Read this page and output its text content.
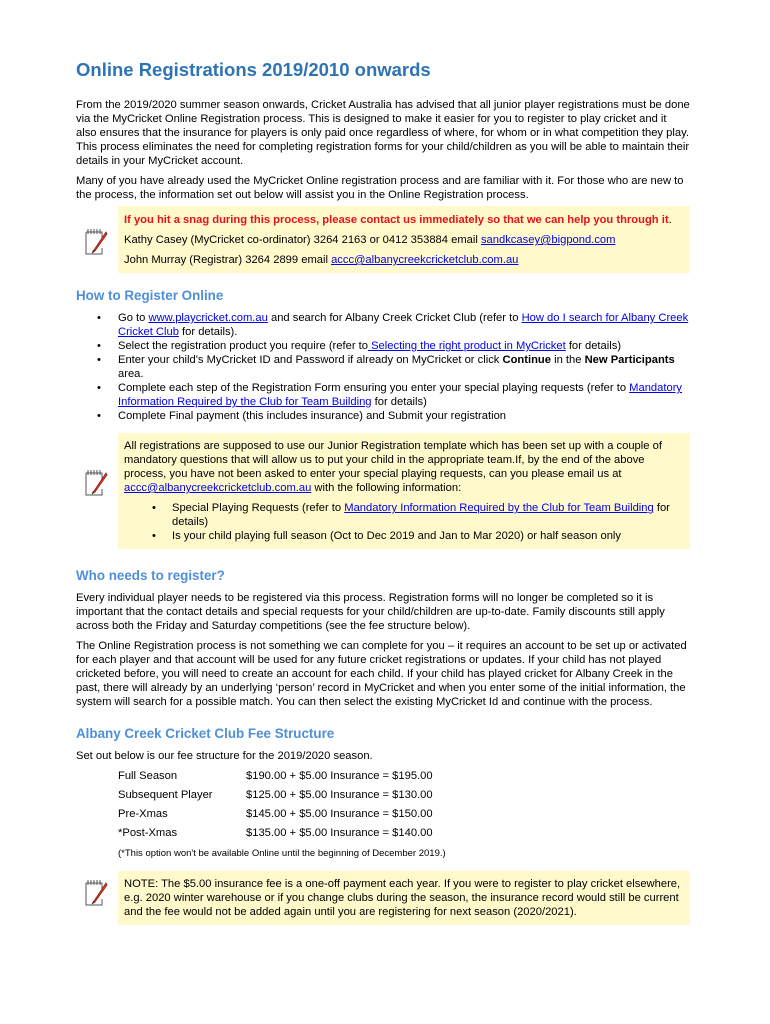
Online Registrations 2019/2010 onwards

From the 2019/2020 summer season onwards, Cricket Australia has advised that all junior player registrations must be done via the MyCricket Online Registration process. This is designed to make it easier for you to register to play cricket and it also ensures that the insurance for players is only paid once regardless of where, for whom or in what competition they play. This process eliminates the need for completing registration forms for your child/children as you will be able to maintain their details in your MyCricket account.

Many of you have already used the MyCricket Online registration process and are familiar with it. For those who are new to the process, the information set out below will assist you in the Online Registration process.

If you hit a snag during this process, please contact us immediately so that we can help you through it.

Kathy Casey (MyCricket co-ordinator) 3264 2163 or 0412 353884 email sandkcasey@bigpond.com

John Murray (Registrar) 3264 2899 email accc@albanycreekcricketclub.com.au

How to Register Online
• Go to www.playcricket.com.au and search for Albany Creek Cricket Club (refer to How do I search for Albany Creek Cricket Club for details).
• Select the registration product you require (refer to Selecting the right product in MyCricket for details)
• Enter your child's MyCricket ID and Password if already on MyCricket or click Continue in the New Participants area.
• Complete each step of the Registration Form ensuring you enter your special playing requests (refer to Mandatory Information Required by the Club for Team Building for details)
• Complete Final payment (this includes insurance) and Submit your registration

All registrations are supposed to use our Junior Registration template which has been set up with a couple of mandatory questions that will allow us to put your child in the appropriate team.If, by the end of the above process, you have not been asked to enter your special playing requests, can you please email us at accc@albanycreekcricketclub.com.au with the following information:

• Special Playing Requests (refer to Mandatory Information Required by the Club for Team Building for details)
• Is your child playing full season (Oct to Dec 2019 and Jan to Mar 2020) or half season only
Who needs to register?

Every individual player needs to be registered via this process. Registration forms will no longer be completed so it is important that the contact details and special requests for your child/children are up-to-date. Family discounts still apply across both the Friday and Saturday competitions (see the fee structure below).

The Online Registration process is not something we can complete for you – it requires an account to be set up or activated for each player and that account will be used for any future cricket registrations or updates. If your child has not played cricketed before, you will need to create an account for each child. If your child has played cricket for Albany Creek in the past, there will already by an underlying ‘person’ record in MyCricket and when you enter some of the initial information, the system will search for a possible match. You can then select the existing MyCricket Id and continue with the process.

Albany Creek Cricket Club Fee Structure

Set out below is our fee structure for the 2019/2020 season.

Full Season	$190.00 + $5.00 Insurance = $195.00
Subsequent Player	$125.00 + $5.00 Insurance = $130.00
Pre-Xmas	$145.00 + $5.00 Insurance = $150.00
*Post-Xmas	$135.00 + $5.00 Insurance = $140.00
(*This option won't be available Online until the beginning of December 2019.)

NOTE: The $5.00 insurance fee is a one-off payment each year. If you were to register to play cricket elsewhere, e.g. 2020 winter warehouse or if you change clubs during the season, the insurance record would still be current and the fee would not be added again until you are registering for next season (2020/2021).
